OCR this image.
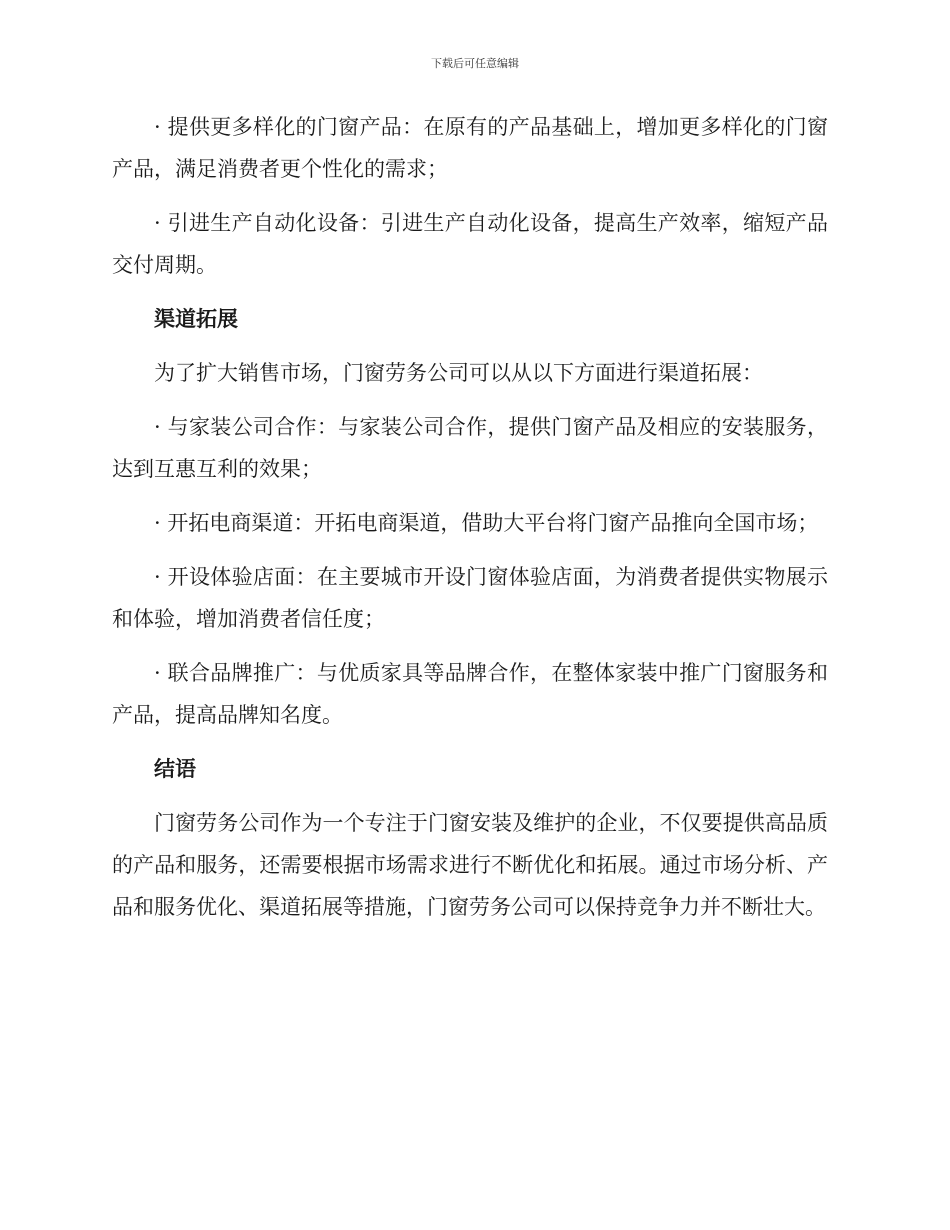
下载后可任意编辑

· 提供更多样化的门窗产品：在原有的产品基础上，增加更多样化的门窗产品，满足消费者更个性化的需求；

· 引进生产自动化设备：引进生产自动化设备，提高生产效率，缩短产品交付周期。

渠道拓展

为了扩大销售市场，门窗劳务公司可以从以下方面进行渠道拓展：

· 与家装公司合作：与家装公司合作，提供门窗产品及相应的安装服务，达到互惠互利的效果；

· 开拓电商渠道：开拓电商渠道，借助大平台将门窗产品推向全国市场；

· 开设体验店面：在主要城市开设门窗体验店面，为消费者提供实物展示和体验，增加消费者信任度；

· 联合品牌推广：与优质家具等品牌合作，在整体家装中推广门窗服务和产品，提高品牌知名度。

结语

门窗劳务公司作为一个专注于门窗安装及维护的企业，不仅要提供高品质的产品和服务，还需要根据市场需求进行不断优化和拓展。通过市场分析、产品和服务优化、渠道拓展等措施，门窗劳务公司可以保持竞争力并不断壮大。
